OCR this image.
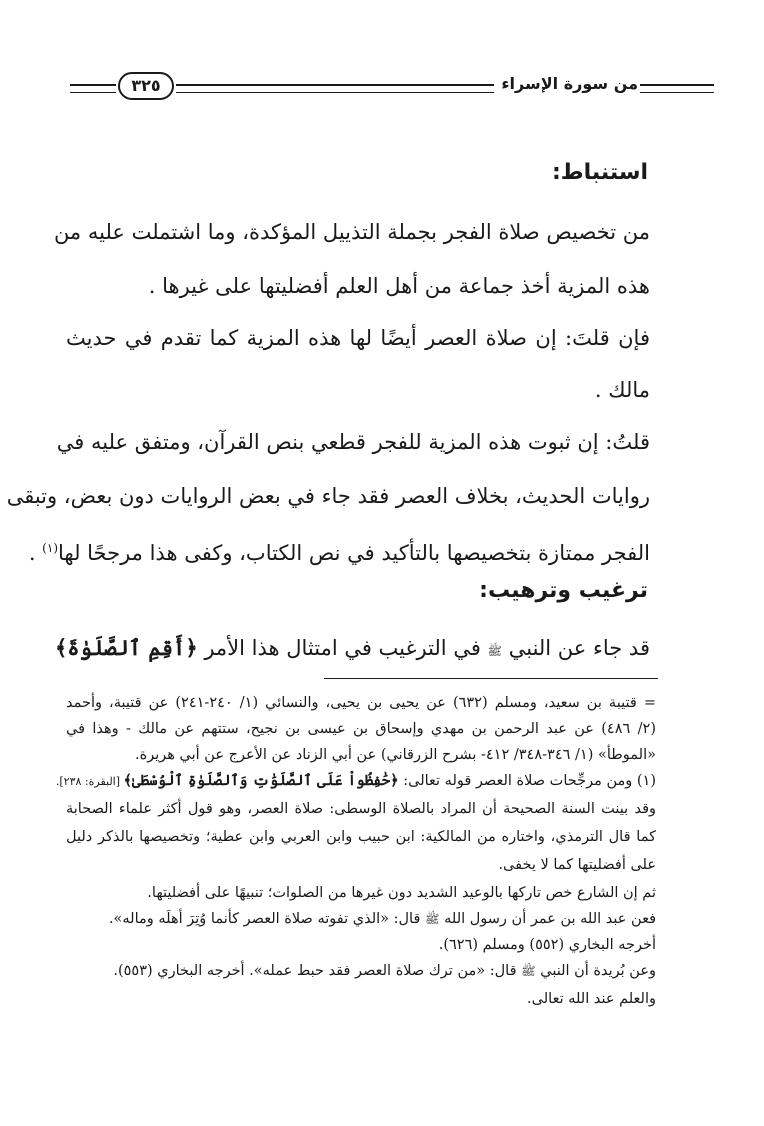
من سورة الإسراء
٣٢٥
استنباط:
من تخصيص صلاة الفجر بجملة التذييل المؤكدة، وما اشتملت عليه من
هذه المزية أخذ جماعة من أهل العلم أفضليتها على غيرها .
فإن قلتَ: إن صلاة العصر أيضًا لها هذه المزية كما تقدم في حديث
مالك .
قلتُ: إن ثبوت هذه المزية للفجر قطعي بنص القرآن، ومتفق عليه في
روايات الحديث، بخلاف العصر فقد جاء في بعض الروايات دون بعض، وتبقى
الفجر ممتازة بتخصيصها بالتأكيد في نص الكتاب، وكفى هذا مرجحًا لها$^{(١)}$ .
ترغيب وترهيب:
قد جاء عن النبي ﷺ في الترغيب في امتثال هذا الأمر ﴿أَقِمِ ٱلصَّلَوٰةَ﴾
= قتيبة بن سعيد، ومسلم (٦٣٢) عن يحيى بن يحيى، والنسائي (١/ ٢٤٠-٢٤١) عن قتيبة، وأحمد
(٢/ ٤٨٦) عن عبد الرحمن بن مهدي وإسحاق بن عيسى بن نجيح، ستتهم عن مالك - وهذا في
«الموطأ» (١/ ٣٤٦-٣٤٨/ ٤١٢- بشرح الزرقاني) عن أبي الزناد عن الأعرج عن أبي هريرة.
(١) ومن مرجِّحات صلاة العصر قوله تعالى: ﴿حَٰفِظُواْ عَلَى ٱلصَّلَوَٰتِ وَٱلصَّلَوٰةِ ٱلْوُسْطَىٰ﴾ [البقرة: ٢٣٨].
وقد بينت السنة الصحيحة أن المراد بالصلاة الوسطى: صلاة العصر، وهو قول أكثر علماء الصحابة
كما قال الترمذي، واختاره من المالكية: ابن حبيب وابن العربي وابن عطية؛ وتخصيصها بالذكر دليل
على أفضليتها كما لا يخفى.
ثم إن الشارع خص تاركها بالوعيد الشديد دون غيرها من الصلوات؛ تنبيهًا على أفضليتها.
فعن عبد الله بن عمر أن رسول الله ﷺ قال: «الذي تفوته صلاة العصر كأنما وُتِرَ أهلَه وماله».
أخرجه البخاري (٥٥٢) ومسلم (٦٢٦).
وعن بُريدة أن النبي ﷺ قال: «من ترك صلاة العصر فقد حبط عمله». أخرجه البخاري (٥٥٣).
والعلم عند الله تعالى.
